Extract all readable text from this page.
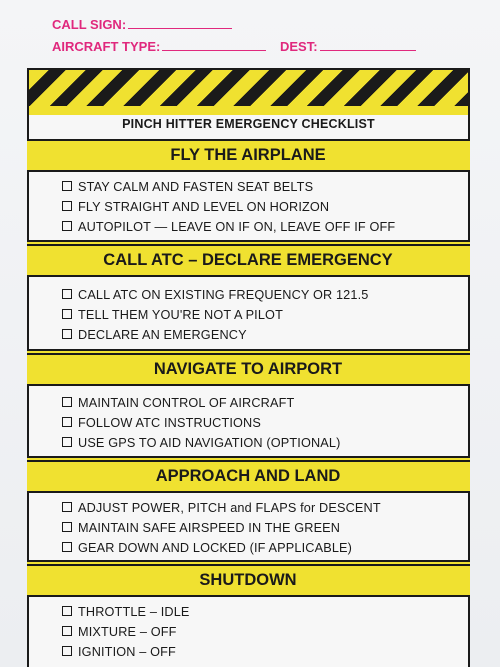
CALL SIGN:
AIRCRAFT TYPE:	DEST:
PINCH HITTER EMERGENCY CHECKLIST
FLY THE AIRPLANE
STAY CALM AND FASTEN SEAT BELTS
FLY STRAIGHT AND LEVEL ON HORIZON
AUTOPILOT — LEAVE ON IF ON, LEAVE OFF IF OFF
CALL ATC – DECLARE EMERGENCY
CALL ATC ON EXISTING FREQUENCY OR 121.5
TELL THEM YOU'RE NOT A PILOT
DECLARE AN EMERGENCY
NAVIGATE TO AIRPORT
MAINTAIN CONTROL OF AIRCRAFT
FOLLOW ATC INSTRUCTIONS
USE GPS TO AID NAVIGATION (OPTIONAL)
APPROACH AND LAND
ADJUST POWER, PITCH and FLAPS for DESCENT
MAINTAIN SAFE AIRSPEED IN THE GREEN
GEAR DOWN AND LOCKED (IF APPLICABLE)
SHUTDOWN
THROTTLE – IDLE
MIXTURE – OFF
IGNITION – OFF
